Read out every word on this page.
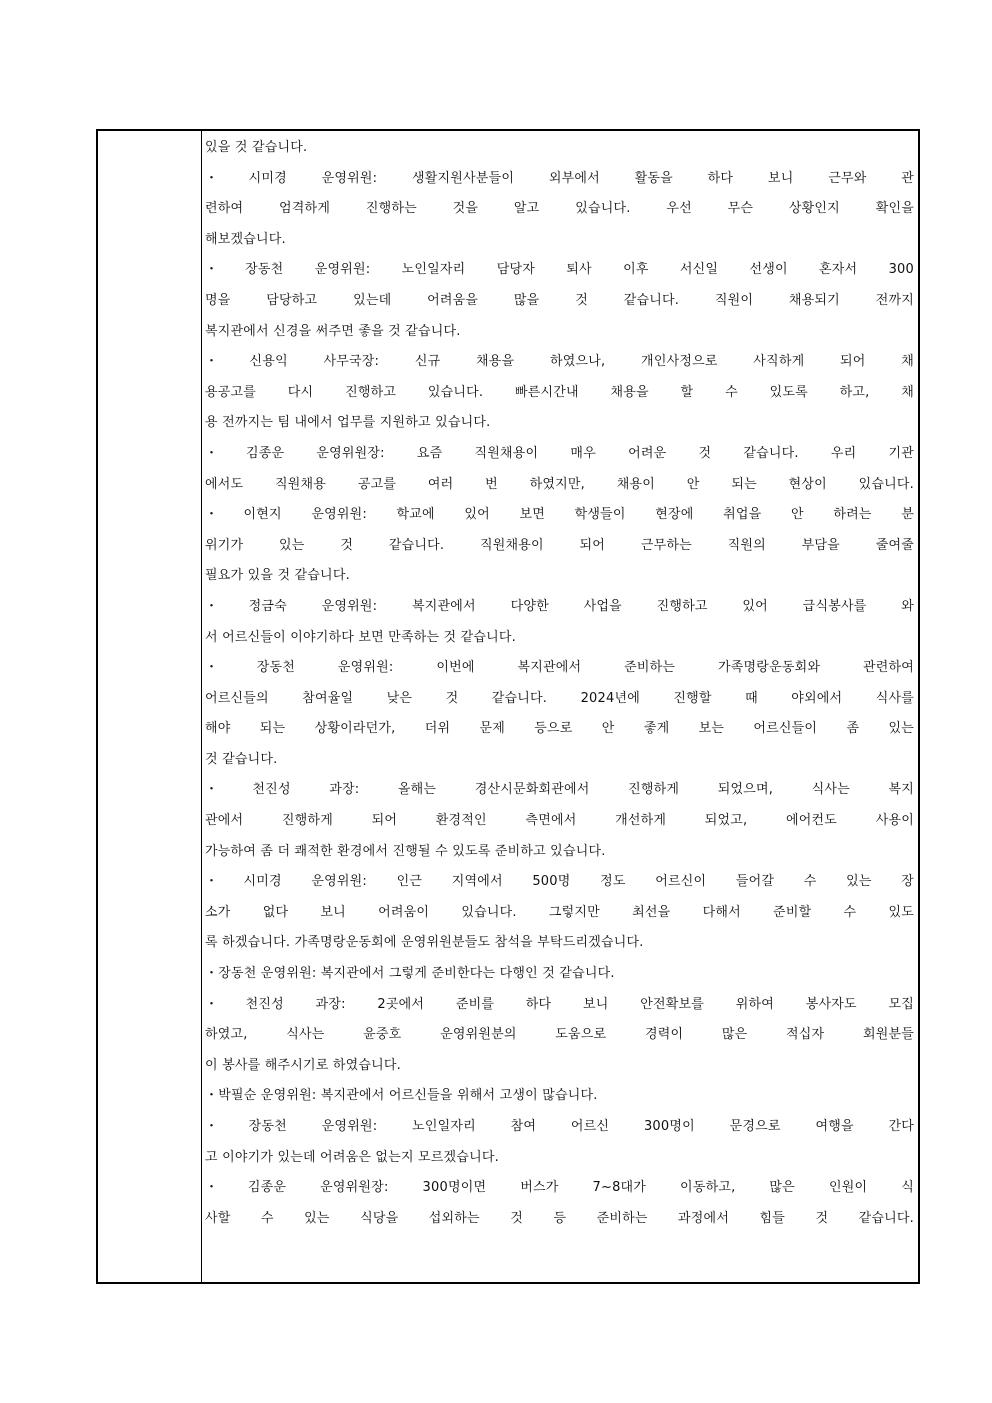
있을 것 같습니다.
・시미경 운영위원: 생활지원사분들이 외부에서 활동을 하다 보니 근무와 관
련하여 엄격하게 진행하는 것을 알고 있습니다. 우선 무슨 상황인지 확인을
해보겠습니다.
・장동천 운영위원: 노인일자리 담당자 퇴사 이후 서신일 선생이 혼자서 300
명을 담당하고 있는데 어려움을 많을 것 같습니다. 직원이 채용되기 전까지
복지관에서 신경을 써주면 좋을 것 같습니다.
・신용익 사무국장: 신규 채용을 하였으나, 개인사정으로 사직하게 되어 채
용공고를 다시 진행하고 있습니다. 빠른시간내 채용을 할 수 있도록 하고, 채
용 전까지는 팀 내에서 업무를 지원하고 있습니다.
・김종운 운영위원장: 요즘 직원채용이 매우 어려운 것 같습니다. 우리 기관
에서도 직원채용 공고를 여러 번 하였지만, 채용이 안 되는 현상이 있습니다.
・이현지 운영위원: 학교에 있어 보면 학생들이 현장에 취업을 안 하려는 분
위기가 있는 것 같습니다. 직원채용이 되어 근무하는 직원의 부담을 줄여줄
필요가 있을 것 같습니다.
・정금숙 운영위원: 복지관에서 다양한 사업을 진행하고 있어 급식봉사를 와
서 어르신들이 이야기하다 보면 만족하는 것 같습니다.
・장동천 운영위원: 이번에 복지관에서 준비하는 가족명랑운동회와 관련하여
어르신들의 참여율일 낮은 것 같습니다. 2024년에 진행할 때 야외에서 식사를
해야 되는 상황이라던가, 더위 문제 등으로 안 좋게 보는 어르신들이 좀 있는
것 같습니다.
・천진성 과장: 올해는 경산시문화회관에서 진행하게 되었으며, 식사는 복지
관에서 진행하게 되어 환경적인 측면에서 개선하게 되었고, 에어컨도 사용이
가능하여 좀 더 쾌적한 환경에서 진행될 수 있도록 준비하고 있습니다.
・시미경 운영위원: 인근 지역에서 500명 정도 어르신이 들어갈 수 있는 장
소가 없다 보니 어려움이 있습니다. 그렇지만 최선을 다해서 준비할 수 있도
록 하겠습니다. 가족명랑운동회에 운영위원분들도 참석을 부탁드리겠습니다.
・장동천 운영위원: 복지관에서 그렇게 준비한다는 다행인 것 같습니다.
・천진성 과장: 2곳에서 준비를 하다 보니 안전확보를 위하여 봉사자도 모집
하였고, 식사는 윤중호 운영위원분의 도움으로 경력이 많은 적십자 회원분들
이 봉사를 해주시기로 하였습니다.
・박필순 운영위원: 복지관에서 어르신들을 위해서 고생이 많습니다.
・장동천 운영위원: 노인일자리 참여 어르신 300명이 문경으로 여행을 간다
고 이야기가 있는데 어려움은 없는지 모르겠습니다.
・김종운 운영위원장: 300명이면 버스가 7~8대가 이동하고, 많은 인원이 식
사할 수 있는 식당을 섭외하는 것 등 준비하는 과정에서 힘들 것 같습니다.
